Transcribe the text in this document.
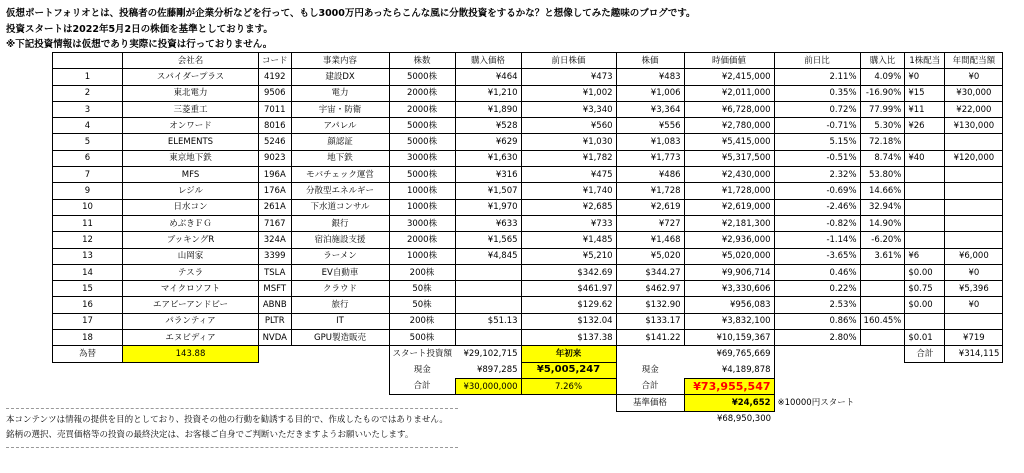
仮想ポートフォリオとは、投稿者の佐藤剛が企業分析などを行って、もし3000万円あったらこんな風に分散投資をするかな？と想像してみた趣味のブログです。
投資スタートは2022年5月2日の株価を基準としております。
※下記投資情報は仮想であり実際に投資は行っておりません。
	会社名	コード	事業内容	株数	購入価格	前日株価	株価	時価価値	前日比	購入比	1株配当	年間配当額
1	スパイダープラス	4192	建設DX	5000株	¥464	¥473	¥483	¥2,415,000	2.11%	4.09%	¥0	¥0
2	東北電力	9506	電力	2000株	¥1,210	¥1,002	¥1,006	¥2,011,000	0.35%	-16.90%	¥15	¥30,000
3	三菱重工	7011	宇宙・防衛	2000株	¥1,890	¥3,340	¥3,364	¥6,728,000	0.72%	77.99%	¥11	¥22,000
4	オンワード	8016	アパレル	5000株	¥528	¥560	¥556	¥2,780,000	-0.71%	5.30%	¥26	¥130,000
5	ELEMENTS	5246	顔認証	5000株	¥629	¥1,030	¥1,083	¥5,415,000	5.15%	72.18%		
6	東京地下鉄	9023	地下鉄	3000株	¥1,630	¥1,782	¥1,773	¥5,317,500	-0.51%	8.74%	¥40	¥120,000
7	MFS	196A	モバチェック運営	5000株	¥316	¥475	¥486	¥2,430,000	2.32%	53.80%		
9	レジル	176A	分散型エネルギー	1000株	¥1,507	¥1,740	¥1,728	¥1,728,000	-0.69%	14.66%		
10	日水コン	261A	下水道コンサル	1000株	¥1,970	¥2,685	¥2,619	¥2,619,000	-2.46%	32.94%		
11	めぶきＦＧ	7167	銀行	3000株	¥633	¥733	¥727	¥2,181,300	-0.82%	14.90%		
12	ブッキングR	324A	宿泊施設支援	2000株	¥1,565	¥1,485	¥1,468	¥2,936,000	-1.14%	-6.20%		
13	山岡家	3399	ラーメン	1000株	¥4,845	¥5,210	¥5,020	¥5,020,000	-3.65%	3.61%	¥6	¥6,000
14	テスラ	TSLA	EV自動車	200株		$342.69	$344.27	¥9,906,714	0.46%		$0.00	¥0
15	マイクロソフト	MSFT	クラウド	50株		$461.97	$462.97	¥3,330,606	0.22%		$0.75	¥5,396
16	エアビーアンドビー	ABNB	旅行	50株		$129.62	$132.90	¥956,083	2.53%		$0.00	¥0
17	パランティア	PLTR	IT	200株	$51.13	$132.04	$133.17	¥3,832,100	0.86%	160.45%		
18	エヌビディア	NVDA	GPU製造販売	500株		$137.38	$141.22	¥10,159,367	2.80%		$0.01	¥719
為替	143.88			スタート投資額	¥29,102,715	年初来	¥69,765,669				合計	¥314,115
				現金	¥897,285	¥5,005,247	現金	¥4,189,878				
				合計	¥30,000,000	7.26%	合計	¥73,955,547				
							基準価格	¥24,652	※10000円スタート			
								¥68,950,300				
本コンテンツは情報の提供を目的としており、投資その他の行動を勧誘する目的で、作成したものではありません。
銘柄の選択、売買価格等の投資の最終決定は、お客様ご自身でご判断いただきますようお願いいたします。
